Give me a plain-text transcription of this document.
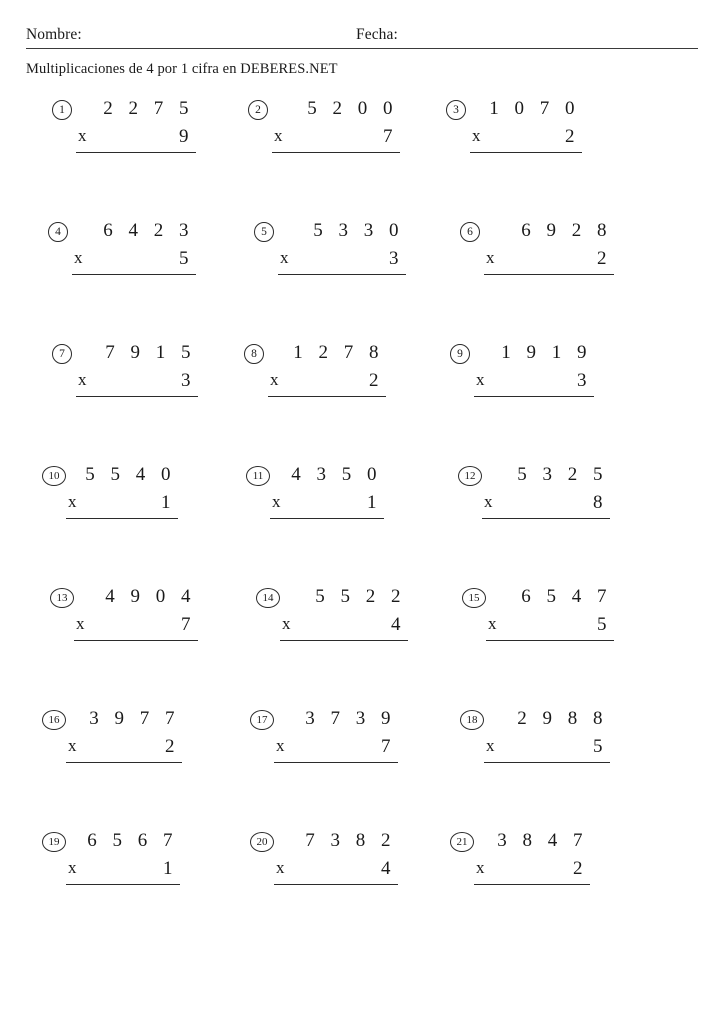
Nombre:	Fecha:
Multiplicaciones de 4 por 1 cifra en DEBERES.NET
1	2 2 7 5
x	9
2	5 2 0 0
x	7
3	1 0 7 0
x	2
4	6 4 2 3
x	5
5	5 3 3 0
x	3
6	6 9 2 8
x	2
7	7 9 1 5
x	3
8	1 2 7 8
x	2
9	1 9 1 9
x	3
10	5 5 4 0
x	1
11	4 3 5 0
x	1
12	5 3 2 5
x	8
13	4 9 0 4
x	7
14	5 5 2 2
x	4
15	6 5 4 7
x	5
16	3 9 7 7
x	2
17	3 7 3 9
x	7
18	2 9 8 8
x	5
19	6 5 6 7
x	1
20	7 3 8 2
x	4
21	3 8 4 7
x	2
